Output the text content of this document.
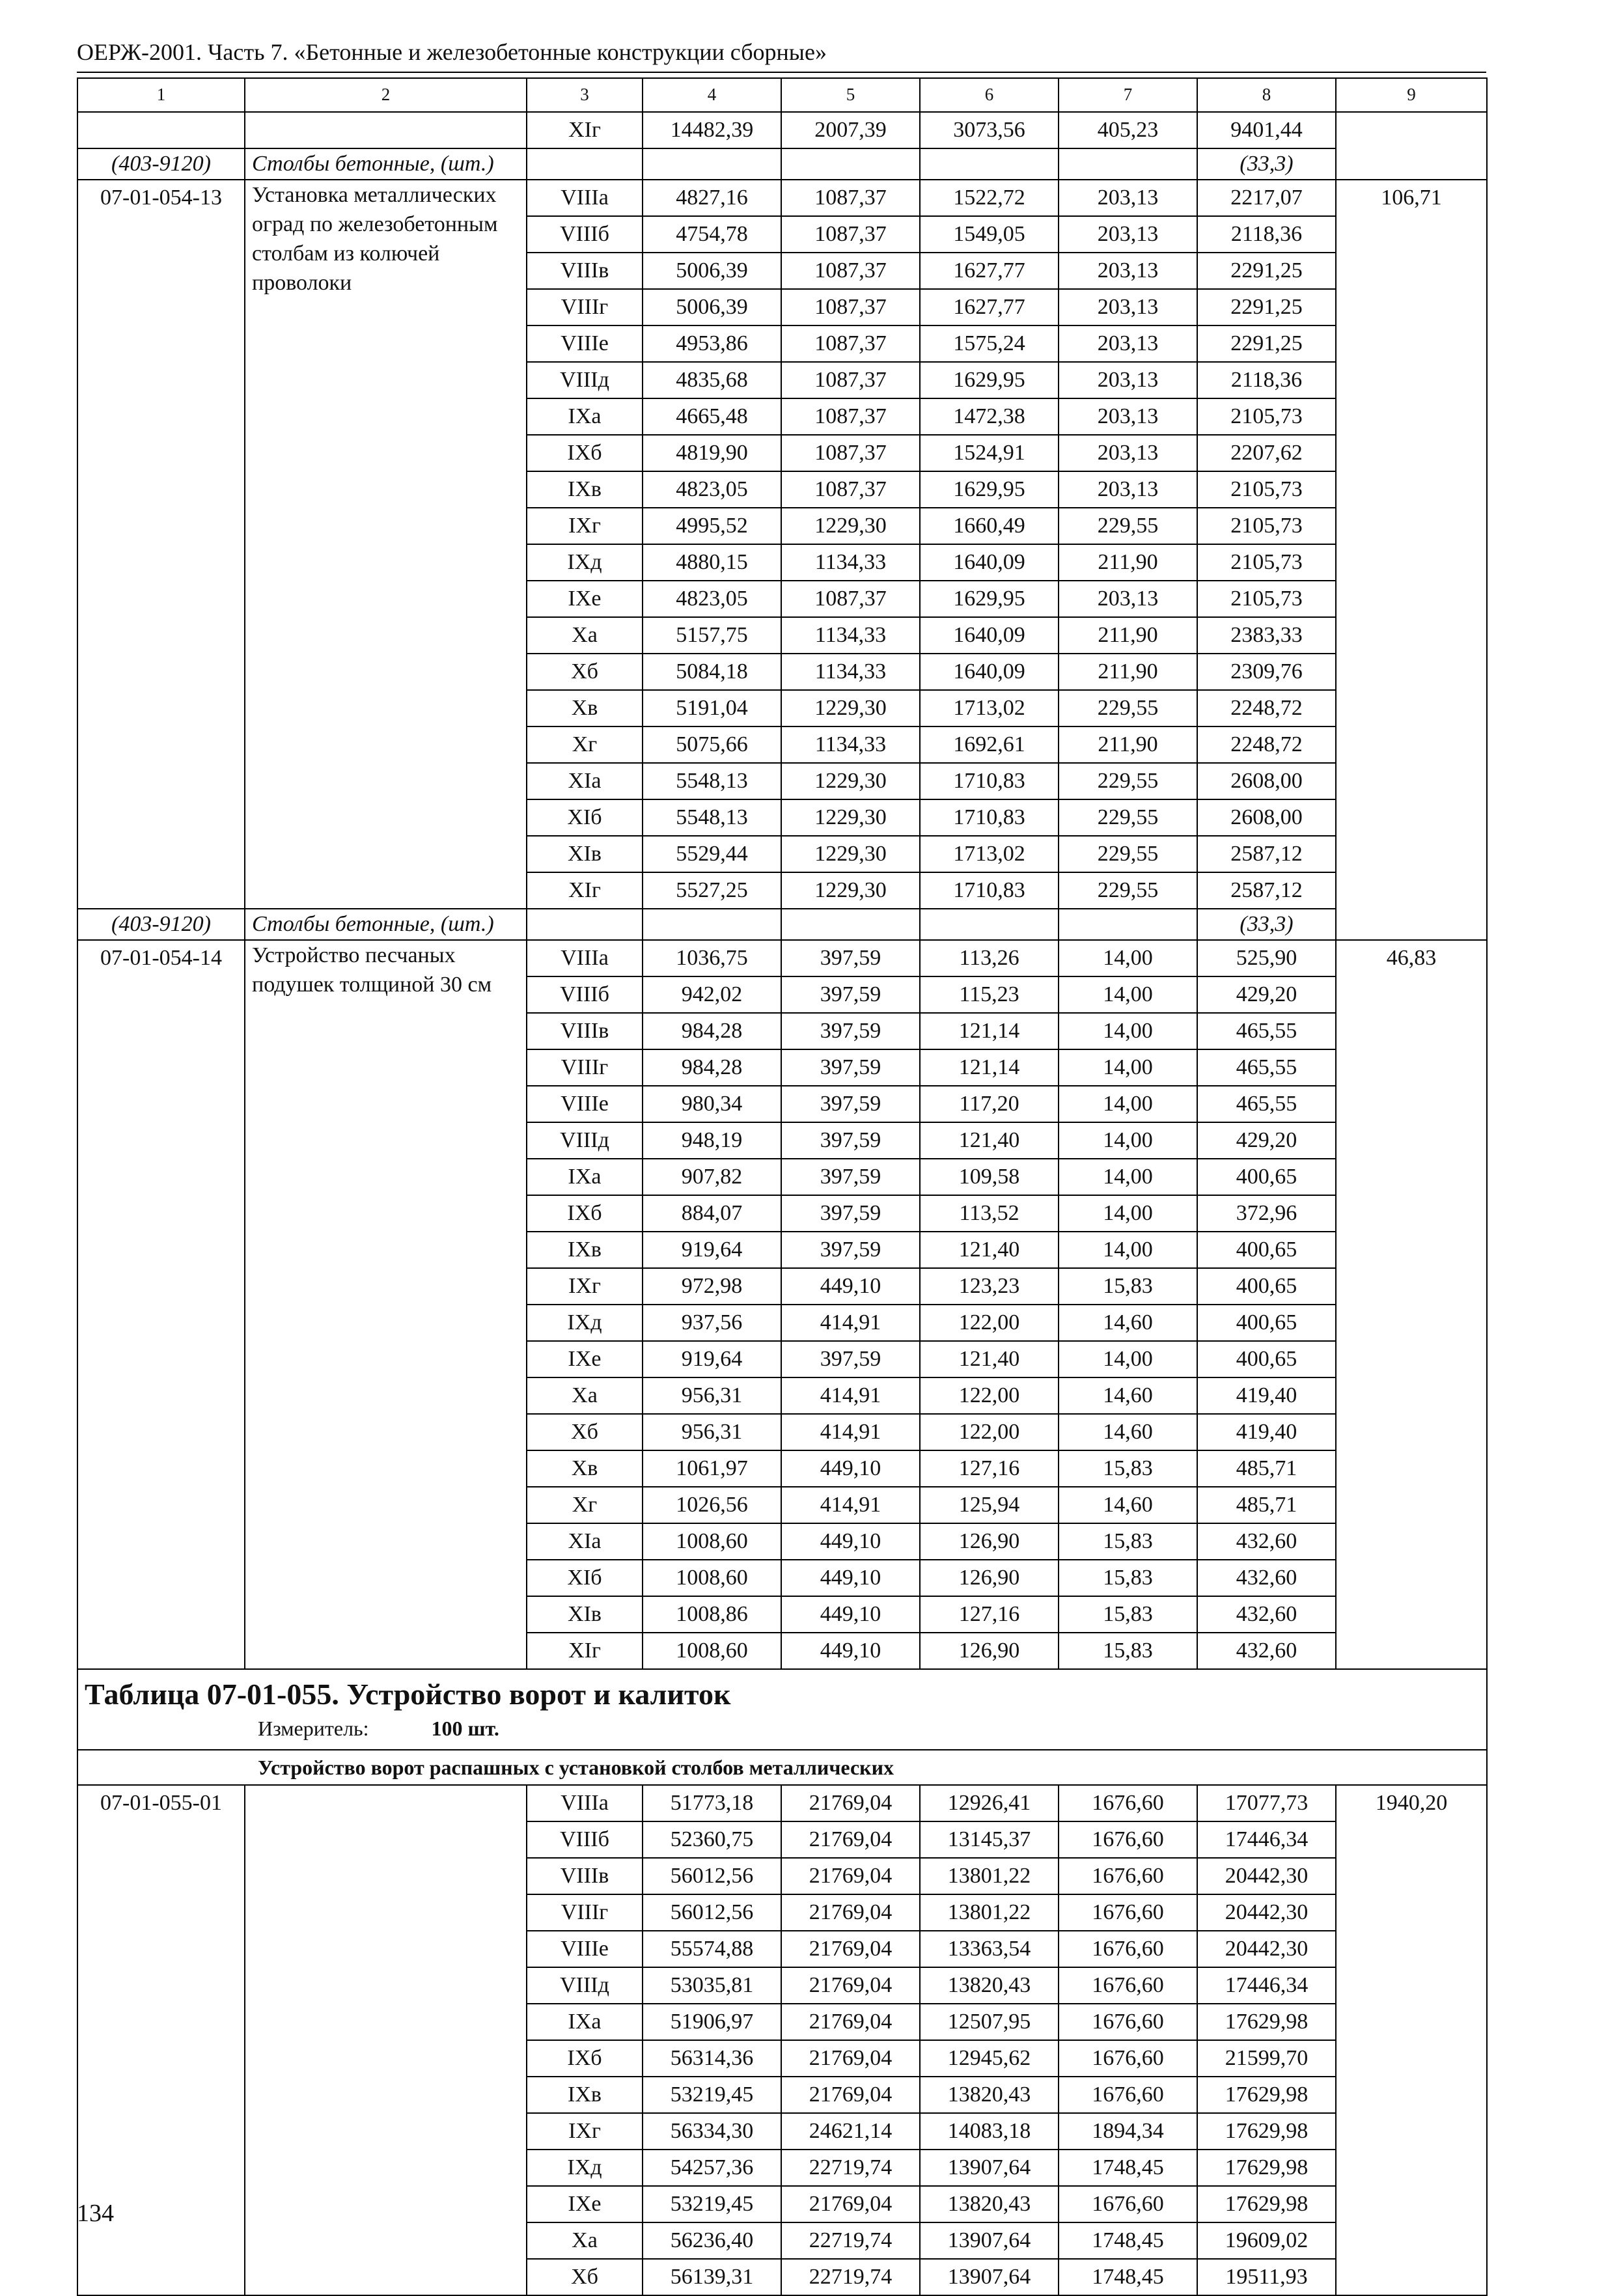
ОЕРЖ-2001. Часть 7. «Бетонные и железобетонные конструкции сборные»
1	2	3	4	5	6	7	8	9
		XIг	14482,39	2007,39	3073,56	405,23	9401,44	
(403-9120)	Столбы бетонные, (шт.)						(33,3)	
07-01-054-13	Установка металлических оград по железобетонным столбам из колючей проволоки	VIIIа	4827,16	1087,37	1522,72	203,13	2217,07	106,71
		VIIIб	4754,78	1087,37	1549,05	203,13	2118,36	
		VIIIв	5006,39	1087,37	1627,77	203,13	2291,25	
		VIIIг	5006,39	1087,37	1627,77	203,13	2291,25	
		VIIIе	4953,86	1087,37	1575,24	203,13	2291,25	
		VIIIд	4835,68	1087,37	1629,95	203,13	2118,36	
		IXа	4665,48	1087,37	1472,38	203,13	2105,73	
		IXб	4819,90	1087,37	1524,91	203,13	2207,62	
		IXв	4823,05	1087,37	1629,95	203,13	2105,73	
		IXг	4995,52	1229,30	1660,49	229,55	2105,73	
		IXд	4880,15	1134,33	1640,09	211,90	2105,73	
		IXе	4823,05	1087,37	1629,95	203,13	2105,73	
		Xа	5157,75	1134,33	1640,09	211,90	2383,33	
		Xб	5084,18	1134,33	1640,09	211,90	2309,76	
		Xв	5191,04	1229,30	1713,02	229,55	2248,72	
		Xг	5075,66	1134,33	1692,61	211,90	2248,72	
		XIа	5548,13	1229,30	1710,83	229,55	2608,00	
		XIб	5548,13	1229,30	1710,83	229,55	2608,00	
		XIв	5529,44	1229,30	1713,02	229,55	2587,12	
		XIг	5527,25	1229,30	1710,83	229,55	2587,12	
(403-9120)	Столбы бетонные, (шт.)						(33,3)	
07-01-054-14	Устройство песчаных подушек толщиной 30 см	VIIIа	1036,75	397,59	113,26	14,00	525,90	46,83
		VIIIб	942,02	397,59	115,23	14,00	429,20	
		VIIIв	984,28	397,59	121,14	14,00	465,55	
		VIIIг	984,28	397,59	121,14	14,00	465,55	
		VIIIе	980,34	397,59	117,20	14,00	465,55	
		VIIIд	948,19	397,59	121,40	14,00	429,20	
		IXа	907,82	397,59	109,58	14,00	400,65	
		IXб	884,07	397,59	113,52	14,00	372,96	
		IXв	919,64	397,59	121,40	14,00	400,65	
		IXг	972,98	449,10	123,23	15,83	400,65	
		IXд	937,56	414,91	122,00	14,60	400,65	
		IXе	919,64	397,59	121,40	14,00	400,65	
		Xа	956,31	414,91	122,00	14,60	419,40	
		Xб	956,31	414,91	122,00	14,60	419,40	
		Xв	1061,97	449,10	127,16	15,83	485,71	
		Xг	1026,56	414,91	125,94	14,60	485,71	
		XIа	1008,60	449,10	126,90	15,83	432,60	
		XIб	1008,60	449,10	126,90	15,83	432,60	
		XIв	1008,86	449,10	127,16	15,83	432,60	
		XIг	1008,60	449,10	126,90	15,83	432,60	

Таблица 07-01-055. Устройство ворот и калиток
Измеритель: 100 шт.								

Устройство ворот распашных с установкой столбов металлических								
07-01-055-01		VIIIа	51773,18	21769,04	12926,41	1676,60	17077,73	1940,20
		VIIIб	52360,75	21769,04	13145,37	1676,60	17446,34	
		VIIIв	56012,56	21769,04	13801,22	1676,60	20442,30	
		VIIIг	56012,56	21769,04	13801,22	1676,60	20442,30	
		VIIIе	55574,88	21769,04	13363,54	1676,60	20442,30	
		VIIIд	53035,81	21769,04	13820,43	1676,60	17446,34	
		IXа	51906,97	21769,04	12507,95	1676,60	17629,98	
		IXб	56314,36	21769,04	12945,62	1676,60	21599,70	
		IXв	53219,45	21769,04	13820,43	1676,60	17629,98	
		IXг	56334,30	24621,14	14083,18	1894,34	17629,98	
		IXд	54257,36	22719,74	13907,64	1748,45	17629,98	
		IXе	53219,45	21769,04	13820,43	1676,60	17629,98	
		Xа	56236,40	22719,74	13907,64	1748,45	19609,02	
		Xб	56139,31	22719,74	13907,64	1748,45	19511,93	
134
